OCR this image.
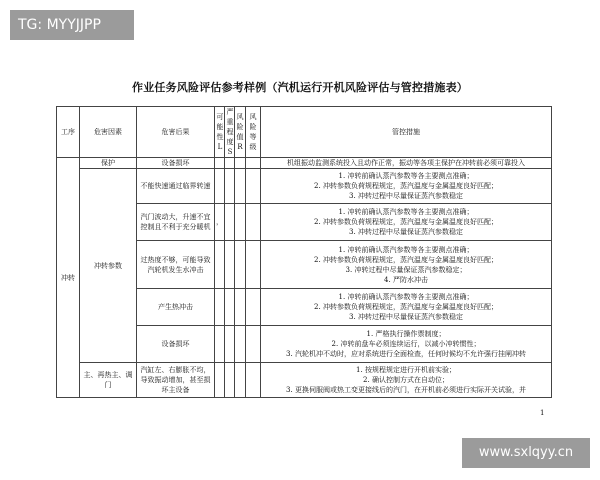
TG: MYYJJPP
作业任务风险评估参考样例（汽机运行开机风险评估与管控措施表）
工序	危害因素	危害后果	可能性L	严重程度S	风险值R	风险等级	管控措施
冲转	保护	设备损坏					机组振动监测系统投入且动作正常，振动等各项主保护在冲转前必须可靠投入

	冲转参数	不能快速通过临界转速					1. 冲转前确认蒸汽参数等各主要测点准确；
2. 冲转参数负荷规程规定，蒸汽温度与金属温度良好匹配；
3. 冲转过程中尽量保证蒸汽参数稳定

		汽门波动大，升速不宜控制且不利于充分暖机	，				1. 冲转前确认蒸汽参数等各主要测点准确；
2. 冲转参数负荷规程规定，蒸汽温度与金属温度良好匹配；
3. 冲转过程中尽量保证蒸汽参数稳定

		过热度不够，可能导致汽轮机发生水冲击					1. 冲转前确认蒸汽参数等各主要测点准确；
2. 冲转参数负荷规程规定，蒸汽温度与金属温度良好匹配；
3. 冲转过程中尽量保证蒸汽参数稳定；
4. 严防水冲击

		产生热冲击					1. 冲转前确认蒸汽参数等各主要测点准确；
2. 冲转参数负荷规程规定，蒸汽温度与金属温度良好匹配；
3. 冲转过程中尽量保证蒸汽参数稳定

		设备损坏					1. 严格执行操作票制度；
2. 冲转前盘车必须连续运行，以减小冲转惯性；
3. 汽轮机冲不动时，应对系统进行全面检查，任何时候均不允许强行挂闸冲转

	主、再热主、调门	汽缸左、右膨胀不均，导致振动增加，甚至损坏主设备					1. 按规程规定进行开机前实验；
2. 确认控制方式在自动位；
3. 更换伺服阀或热工变更接线后的汽门，在开机前必须进行实际开关试验，并
1
www.sxlqyy.cn
